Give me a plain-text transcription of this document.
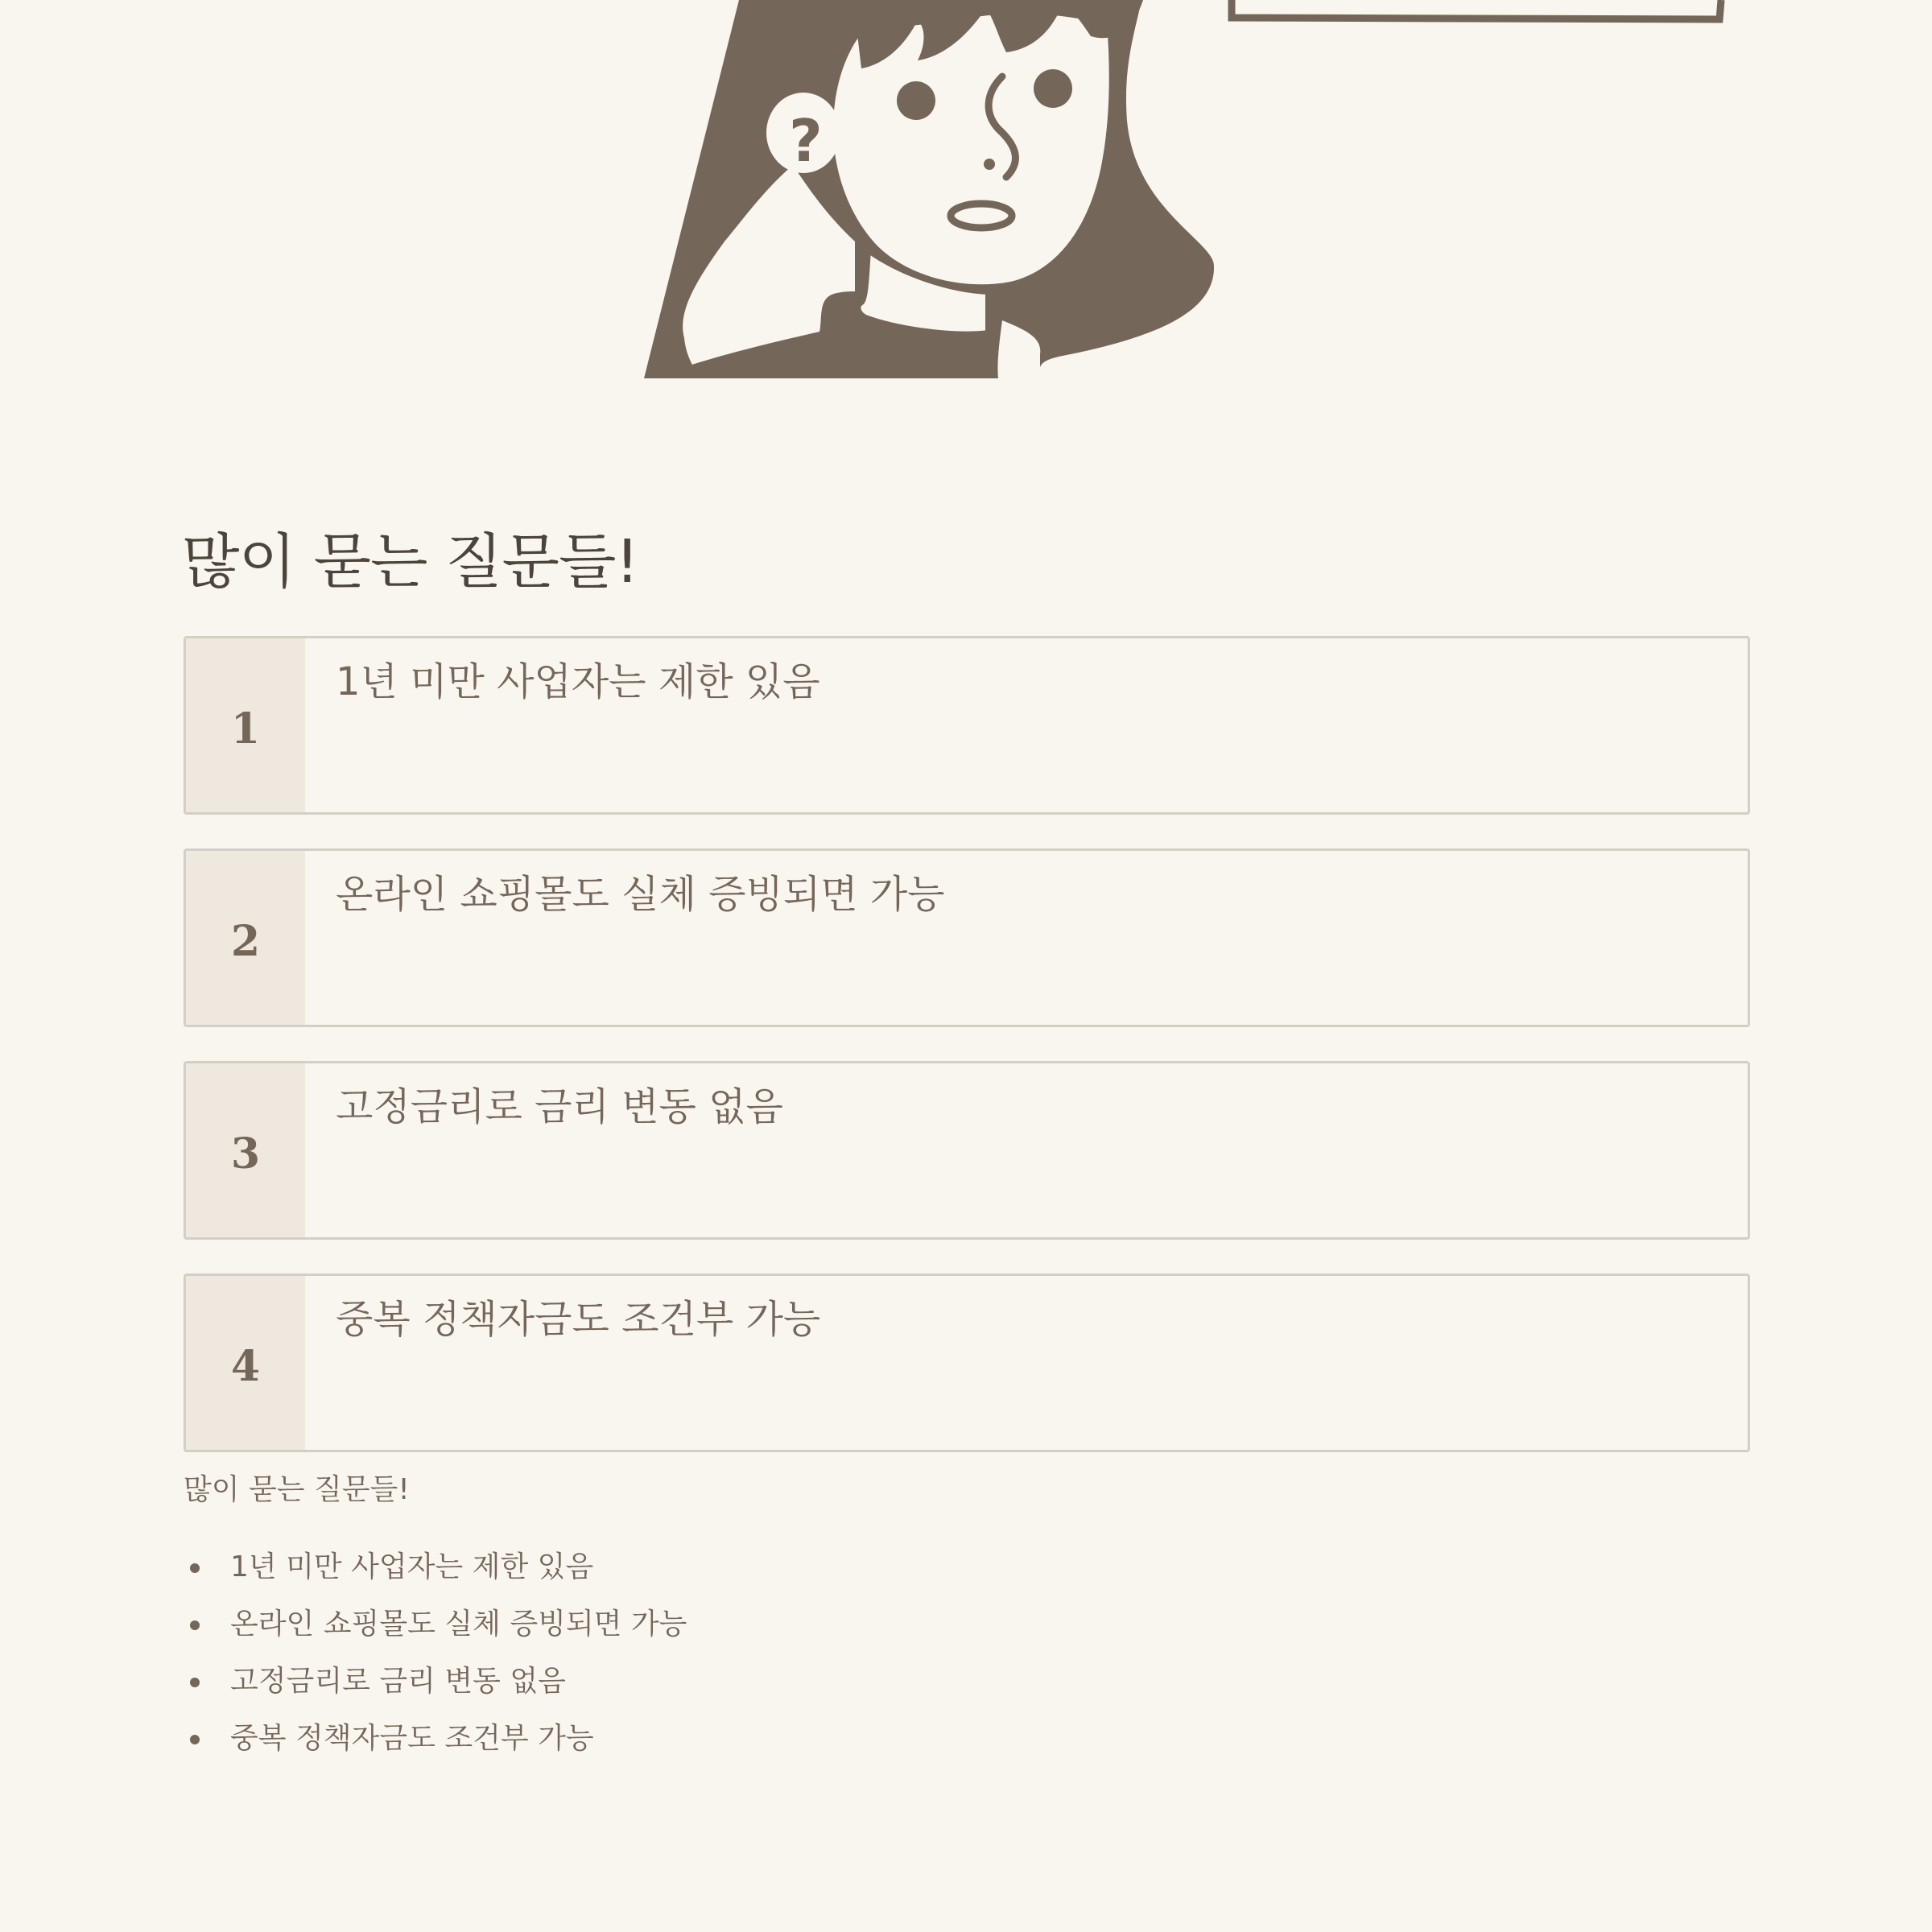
?
많이 묻는 질문들!
1
1년 미만 사업자는 제한 있음
2
온라인 쇼핑몰도 실체 증빙되면 가능
3
고정금리로 금리 변동 없음
4
중복 정책자금도 조건부 가능

많이 묻는 질문들!

1년 미만 사업자는 제한 있음
온라인 쇼핑몰도 실체 증빙되면 가능
고정금리로 금리 변동 없음
중복 정책자금도 조건부 가능
